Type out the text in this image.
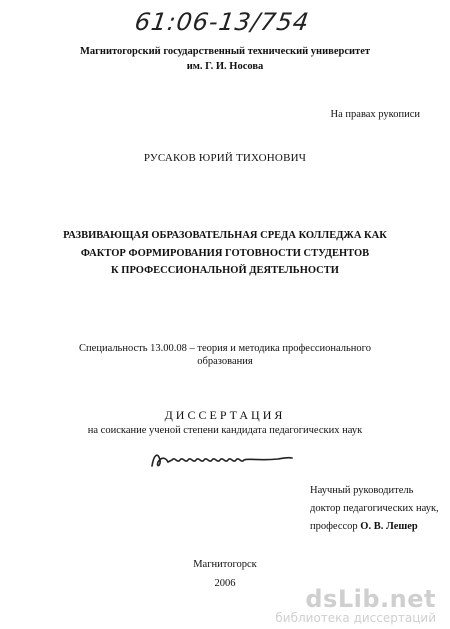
61:06-13/754
Магнитогорский государственный технический университет
им. Г. И. Носова
На правах рукописи
РУСАКОВ ЮРИЙ ТИХОНОВИЧ
РАЗВИВАЮЩАЯ ОБРАЗОВАТЕЛЬНАЯ СРЕДА КОЛЛЕДЖА КАК
ФАКТОР ФОРМИРОВАНИЯ ГОТОВНОСТИ СТУДЕНТОВ
К ПРОФЕССИОНАЛЬНОЙ ДЕЯТЕЛЬНОСТИ
Специальность 13.00.08 – теория и методика профессионального
образования
ДИССЕРТАЦИЯ
на соискание ученой степени кандидата педагогических наук
Научный руководитель
доктор педагогических наук,
профессор О. В. Лешер
Магнитогорск
2006
dsLib.net
библиотека диссертаций
